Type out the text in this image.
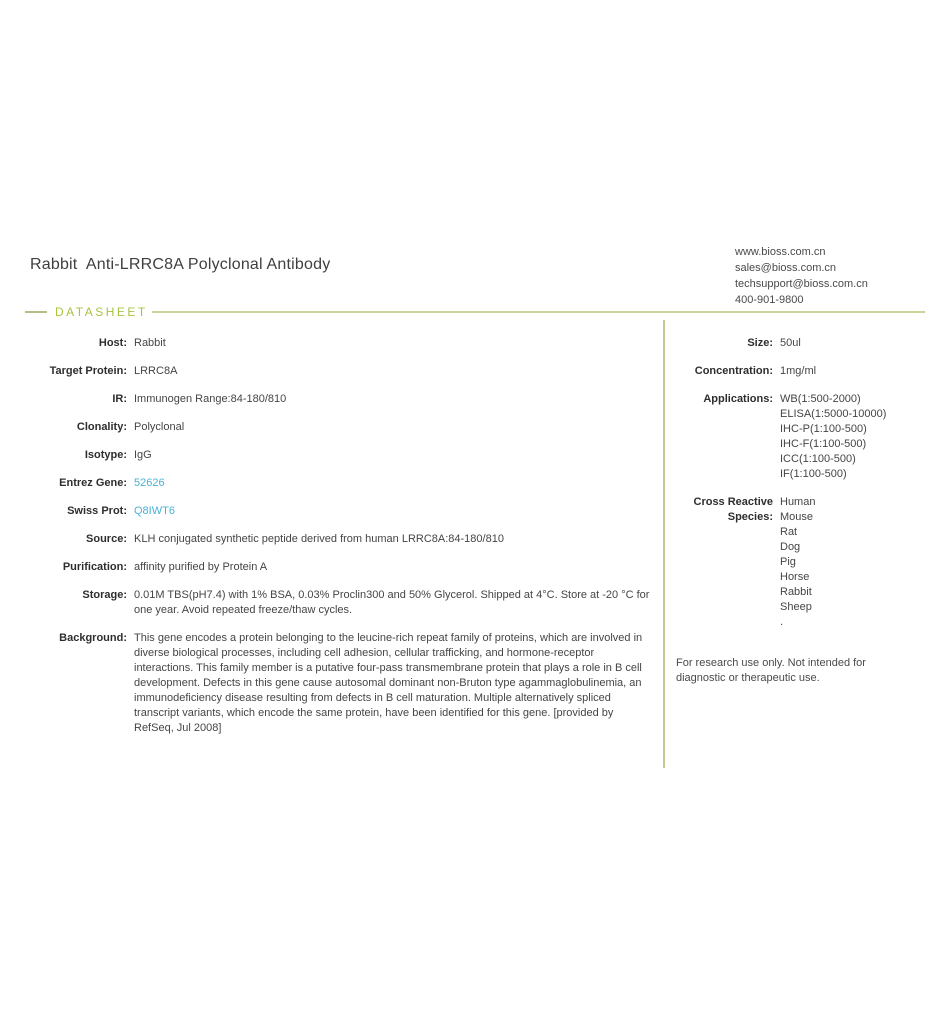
Rabbit  Anti-LRRC8A Polyclonal Antibody
www.bioss.com.cn
sales@bioss.com.cn
techsupport@bioss.com.cn
400-901-9800
DATASHEET
Host: Rabbit
Target Protein: LRRC8A
IR: Immunogen Range:84-180/810
Clonality: Polyclonal
Isotype: IgG
Entrez Gene: 52626
Swiss Prot: Q8IWT6
Source: KLH conjugated synthetic peptide derived from human LRRC8A:84-180/810
Purification: affinity purified by Protein A
Storage: 0.01M TBS(pH7.4) with 1% BSA, 0.03% Proclin300 and 50% Glycerol. Shipped at 4°C. Store at -20 °C for one year. Avoid repeated freeze/thaw cycles.
Background: This gene encodes a protein belonging to the leucine-rich repeat family of proteins, which are involved in diverse biological processes, including cell adhesion, cellular trafficking, and hormone-receptor interactions. This family member is a putative four-pass transmembrane protein that plays a role in B cell development. Defects in this gene cause autosomal dominant non-Bruton type agammaglobulinemia, an immunodeficiency disease resulting from defects in B cell maturation. Multiple alternatively spliced transcript variants, which encode the same protein, have been identified for this gene. [provided by RefSeq, Jul 2008]
Size: 50ul
Concentration: 1mg/ml
Applications: WB(1:500-2000)
ELISA(1:5000-10000)
IHC-P(1:100-500)
IHC-F(1:100-500)
ICC(1:100-500)
IF(1:100-500)
Cross Reactive
Species:
Human
Mouse
Rat
Dog
Pig
Horse
Rabbit
Sheep
.
For research use only. Not intended for diagnostic or therapeutic use.
